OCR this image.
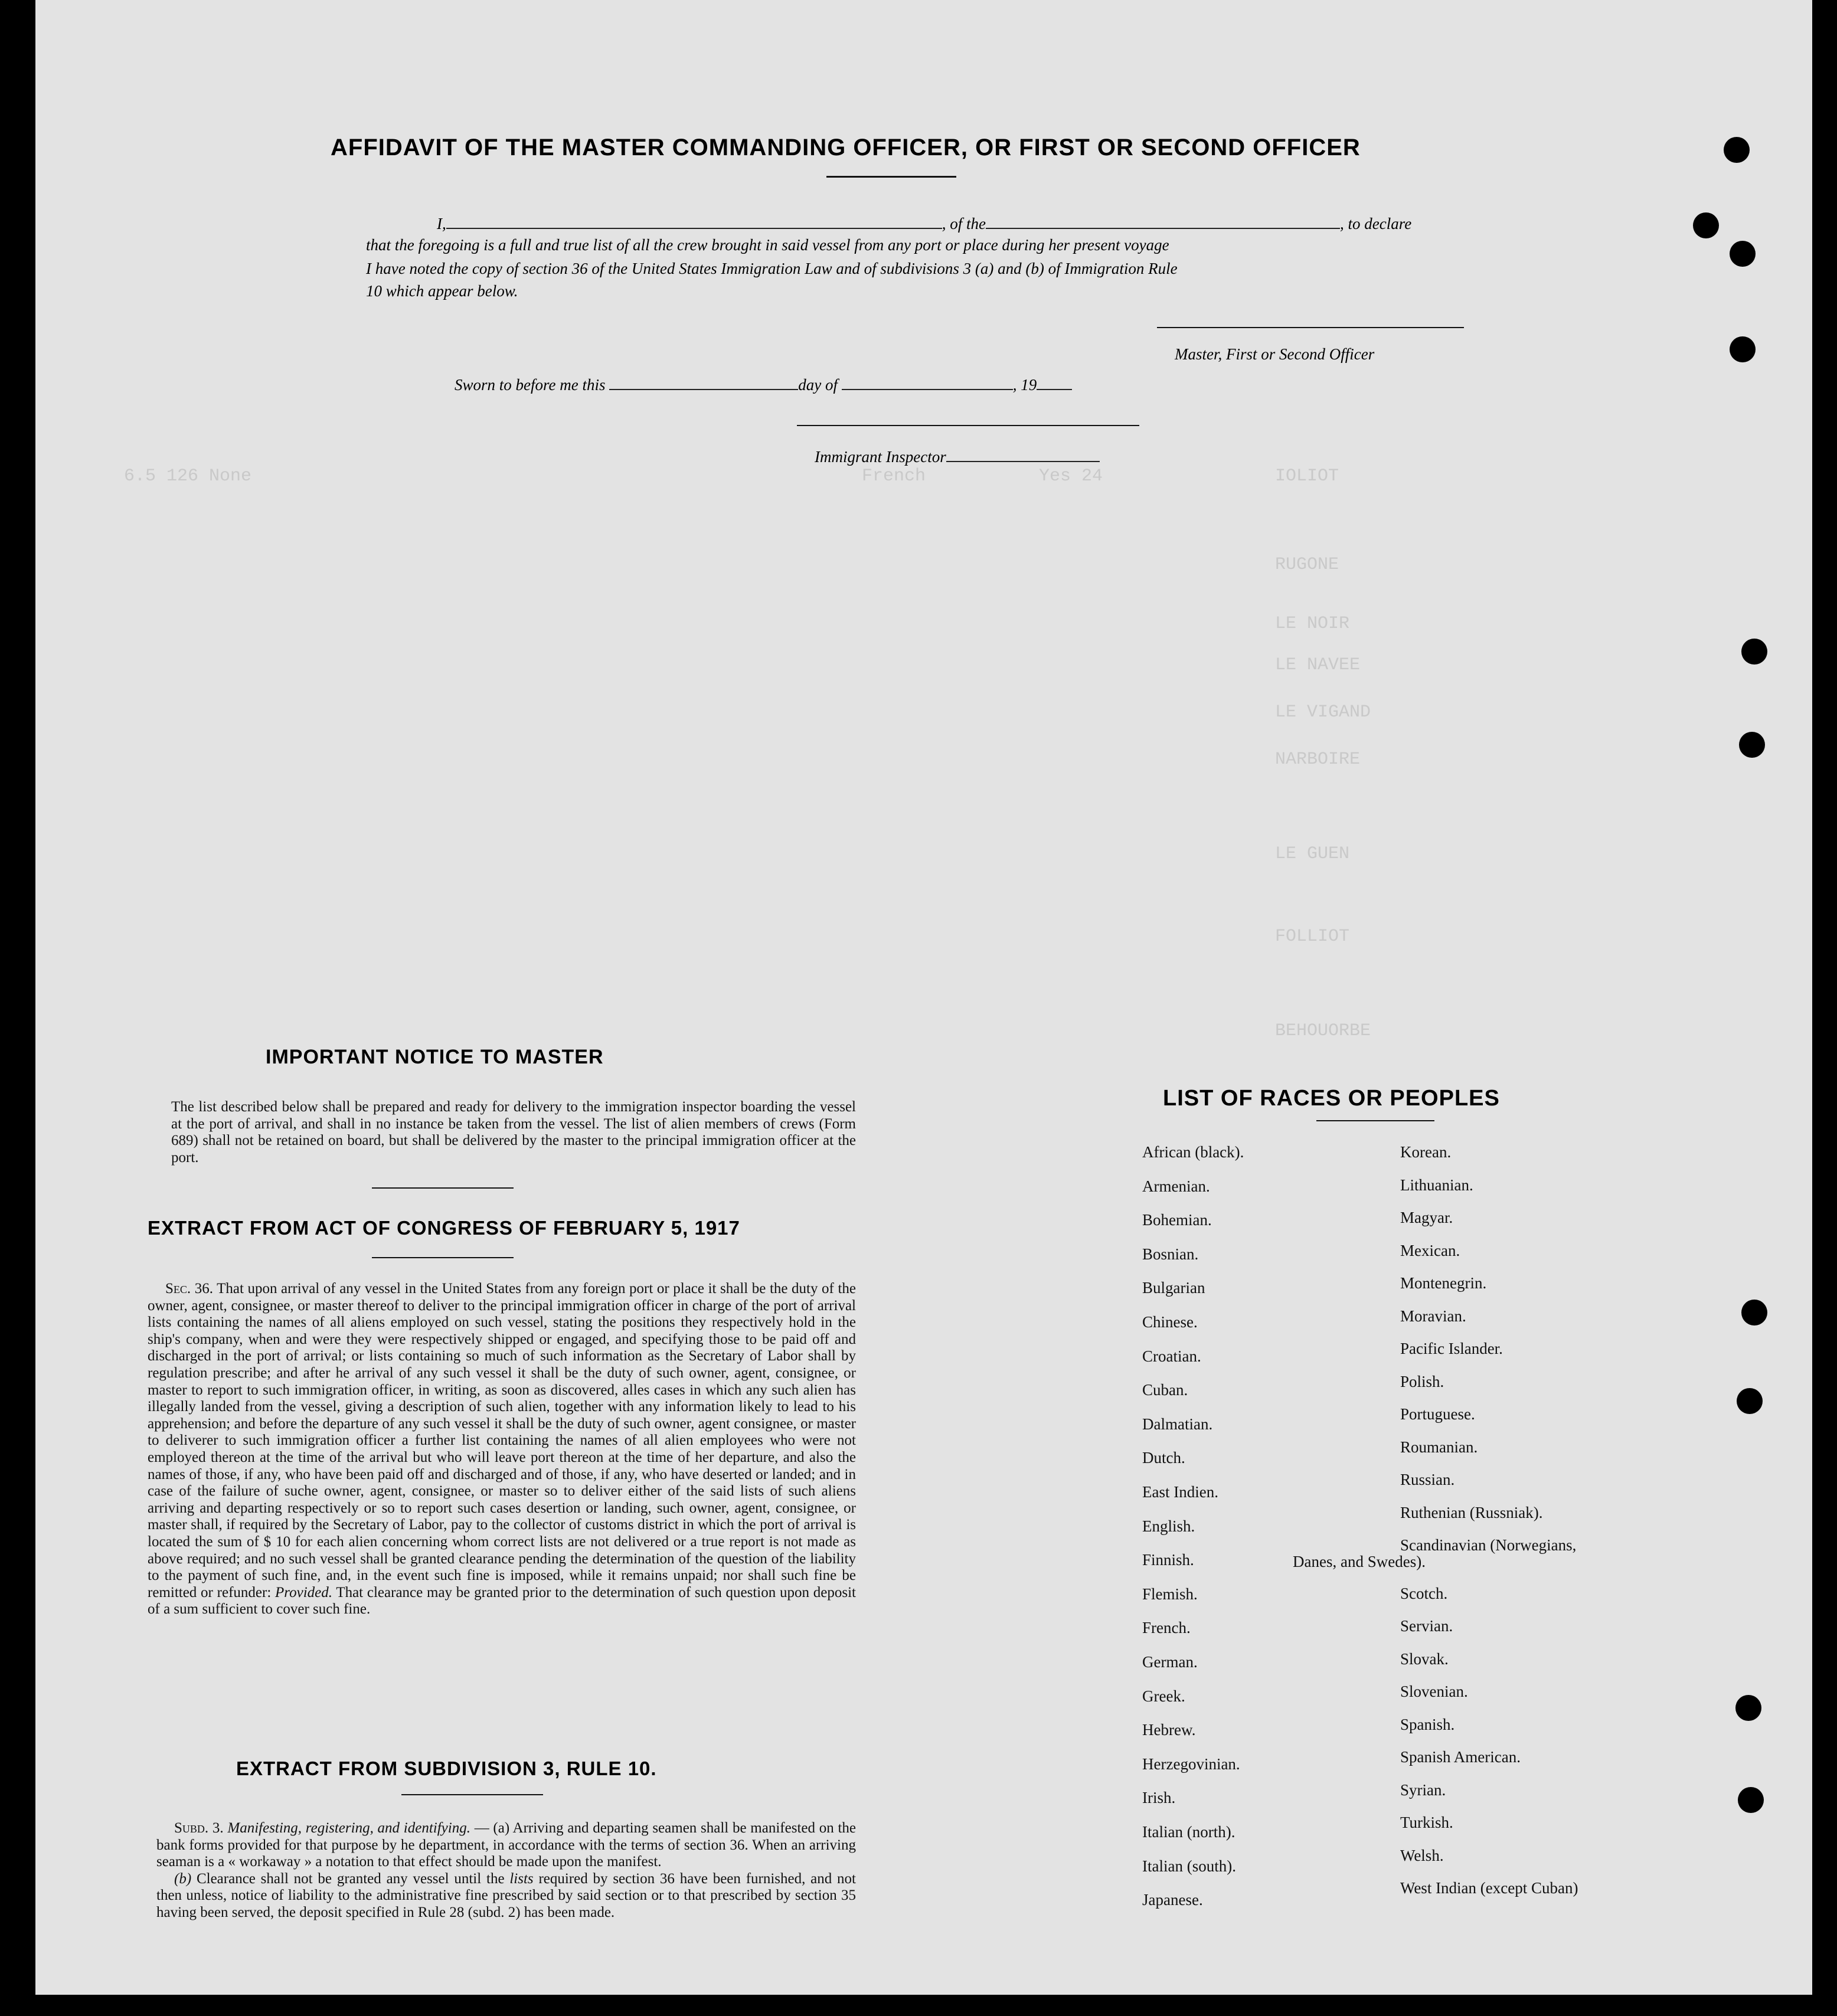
IOLIOT
RUGONE
LE NOIR
LE NAVEE
LE VIGAND
NARBOIRE
LE GUEN
FOLLIOT
BEHOUORBE
6.5 126 None	French	Yes 24
AFFIDAVIT OF THE MASTER COMMANDING OFFICER, OR FIRST OR SECOND OFFICER
I,	, of the	, to declare
that the foregoing is a full and true list of all the crew brought in said vessel from any port or place during her present voyage
I have noted the copy of section 36 of the United States Immigration Law and of subdivisions 3 (a) and (b) of Immigration Rule
10 which appear below.
Master, First or Second Officer
Sworn to before me this	day of	, 19
Immigrant Inspector
IMPORTANT NOTICE TO MASTER
The list described below shall be prepared and ready for delivery to the immigration inspector boarding the vessel at the port of arrival, and shall in no instance be taken from the vessel. The list of alien members of crews (Form 689) shall not be retained on board, but shall be delivered by the master to the principal immigration officer at the port.
EXTRACT FROM ACT OF CONGRESS OF FEBRUARY 5, 1917

Sec. 36. That upon arrival of any vessel in the United States from any foreign port or place it shall be the duty of the owner, agent, consignee, or master thereof to deliver to the principal immigration officer in charge of the port of arrival lists containing the names of all aliens employed on such vessel, stating the positions they respectively hold in the ship's company, when and were they were respectively shipped or engaged, and specifying those to be paid off and discharged in the port of arrival; or lists containing so much of such information as the Secretary of Labor shall by regulation prescribe; and after he arrival of any such vessel it shall be the duty of such owner, agent, consignee, or master to report to such immigration officer, in writing, as soon as discovered, alles cases in which any such alien has illegally landed from the vessel, giving a description of such alien, together with any information likely to lead to his apprehension; and before the departure of any such vessel it shall be the duty of such owner, agent consignee, or master to deliverer to such immigration officer a further list containing the names of all alien employees who were not employed thereon at the time of the arrival but who will leave port thereon at the time of her departure, and also the names of those, if any, who have been paid off and discharged and of those, if any, who have deserted or landed; and in case of the failure of suche owner, agent, consignee, or master so to deliver either of the said lists of such aliens arriving and departing respectively or so to report such cases desertion or landing, such owner, agent, consignee, or master shall, if required by the Secretary of Labor, pay to the collector of customs district in which the port of arrival is located the sum of $ 10 for each alien concerning whom correct lists are not delivered or a true report is not made as above required; and no such vessel shall be granted clearance pending the determination of the question of the liability to the payment of such fine, and, in the event such fine is imposed, while it remains unpaid; nor shall such fine be remitted or refunder: Provided. That clearance may be granted prior to the determination of such question upon deposit of a sum sufficient to cover such fine.

EXTRACT FROM SUBDIVISION 3, RULE 10.

Subd. 3. Manifesting, registering, and identifying. — (a) Arriving and departing seamen shall be manifested on the bank forms provided for that purpose by he department, in accordance with the terms of section 36. When an arriving seaman is a « workaway » a notation to that effect should be made upon the manifest.

(b) Clearance shall not be granted any vessel until the lists required by section 36 have been furnished, and not then unless, notice of liability to the administrative fine prescribed by said section or to that prescribed by section 35 having been served, the deposit specified in Rule 28 (subd. 2) has been made.

LIST OF RACES OR PEOPLES
African (black).
Armenian.
Bohemian.
Bosnian.
Bulgarian
Chinese.
Croatian.
Cuban.
Dalmatian.
Dutch.
East Indien.
English.
Finnish.
Flemish.
French.
German.
Greek.
Hebrew.
Herzegovinian.
Irish.
Italian (north).
Italian (south).
Japanese.
Korean.
Lithuanian.
Magyar.
Mexican.
Montenegrin.
Moravian.
Pacific Islander.
Polish.
Portuguese.
Roumanian.
Russian.
Ruthenian (Russniak).
Scandinavian (Norwegians,
Danes, and Swedes).
Scotch.
Servian.
Slovak.
Slovenian.
Spanish.
Spanish American.
Syrian.
Turkish.
Welsh.
West Indian (except Cuban)
